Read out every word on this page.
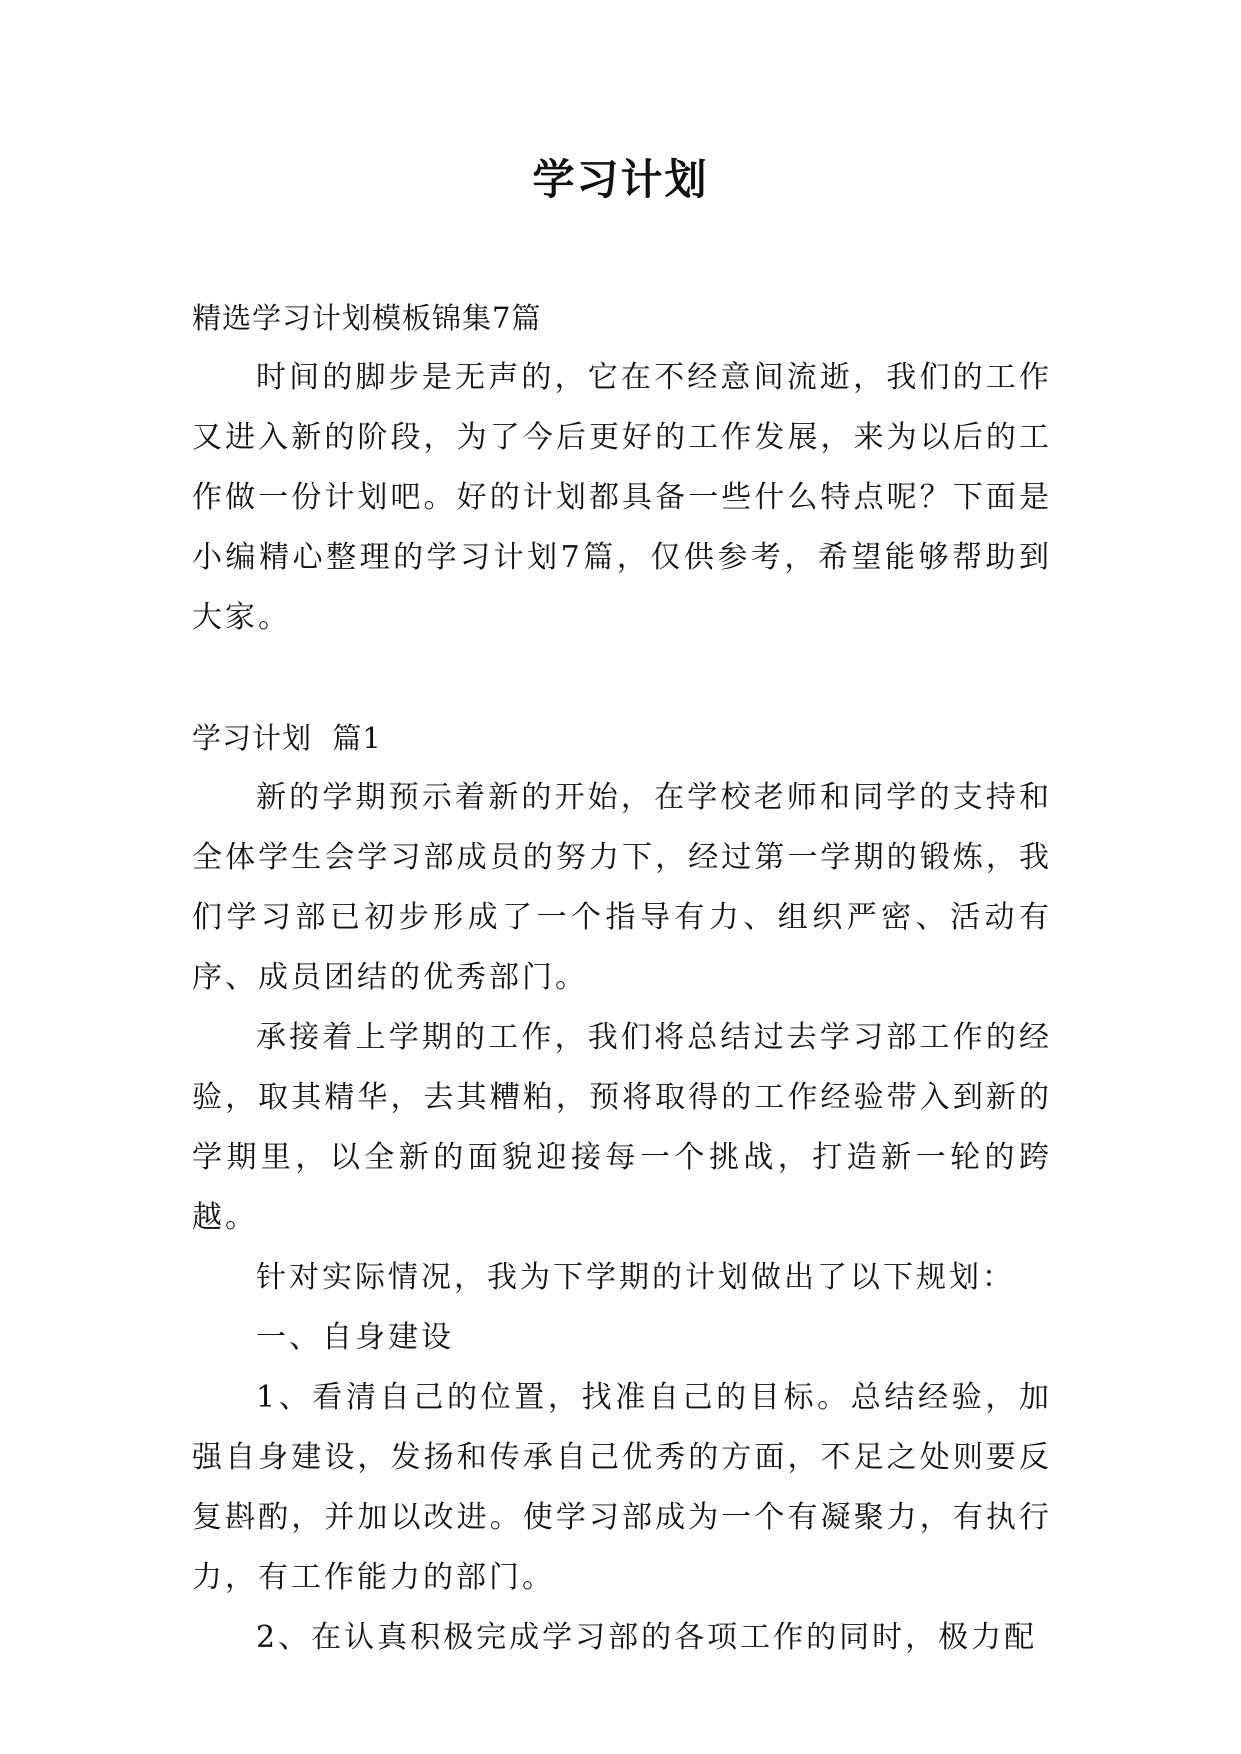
学习计划

精选学习计划模板锦集7篇

时间的脚步是无声的，它在不经意间流逝，我们的工作又进入新的阶段，为了今后更好的工作发展，来为以后的工作做一份计划吧。好的计划都具备一些什么特点呢？下面是小编精心整理的学习计划7篇，仅供参考，希望能够帮助到大家。

学习计划  篇1

新的学期预示着新的开始，在学校老师和同学的支持和全体学生会学习部成员的努力下，经过第一学期的锻炼，我们学习部已初步形成了一个指导有力、组织严密、活动有序、成员团结的优秀部门。

承接着上学期的工作，我们将总结过去学习部工作的经验，取其精华，去其糟粕，预将取得的工作经验带入到新的学期里，以全新的面貌迎接每一个挑战，打造新一轮的跨越。

针对实际情况，我为下学期的计划做出了以下规划：

一、自身建设

1、看清自己的位置，找准自己的目标。总结经验，加强自身建设，发扬和传承自己优秀的方面，不足之处则要反复斟酌，并加以改进。使学习部成为一个有凝聚力，有执行力，有工作能力的部门。

2、在认真积极完成学习部的各项工作的同时，极力配
